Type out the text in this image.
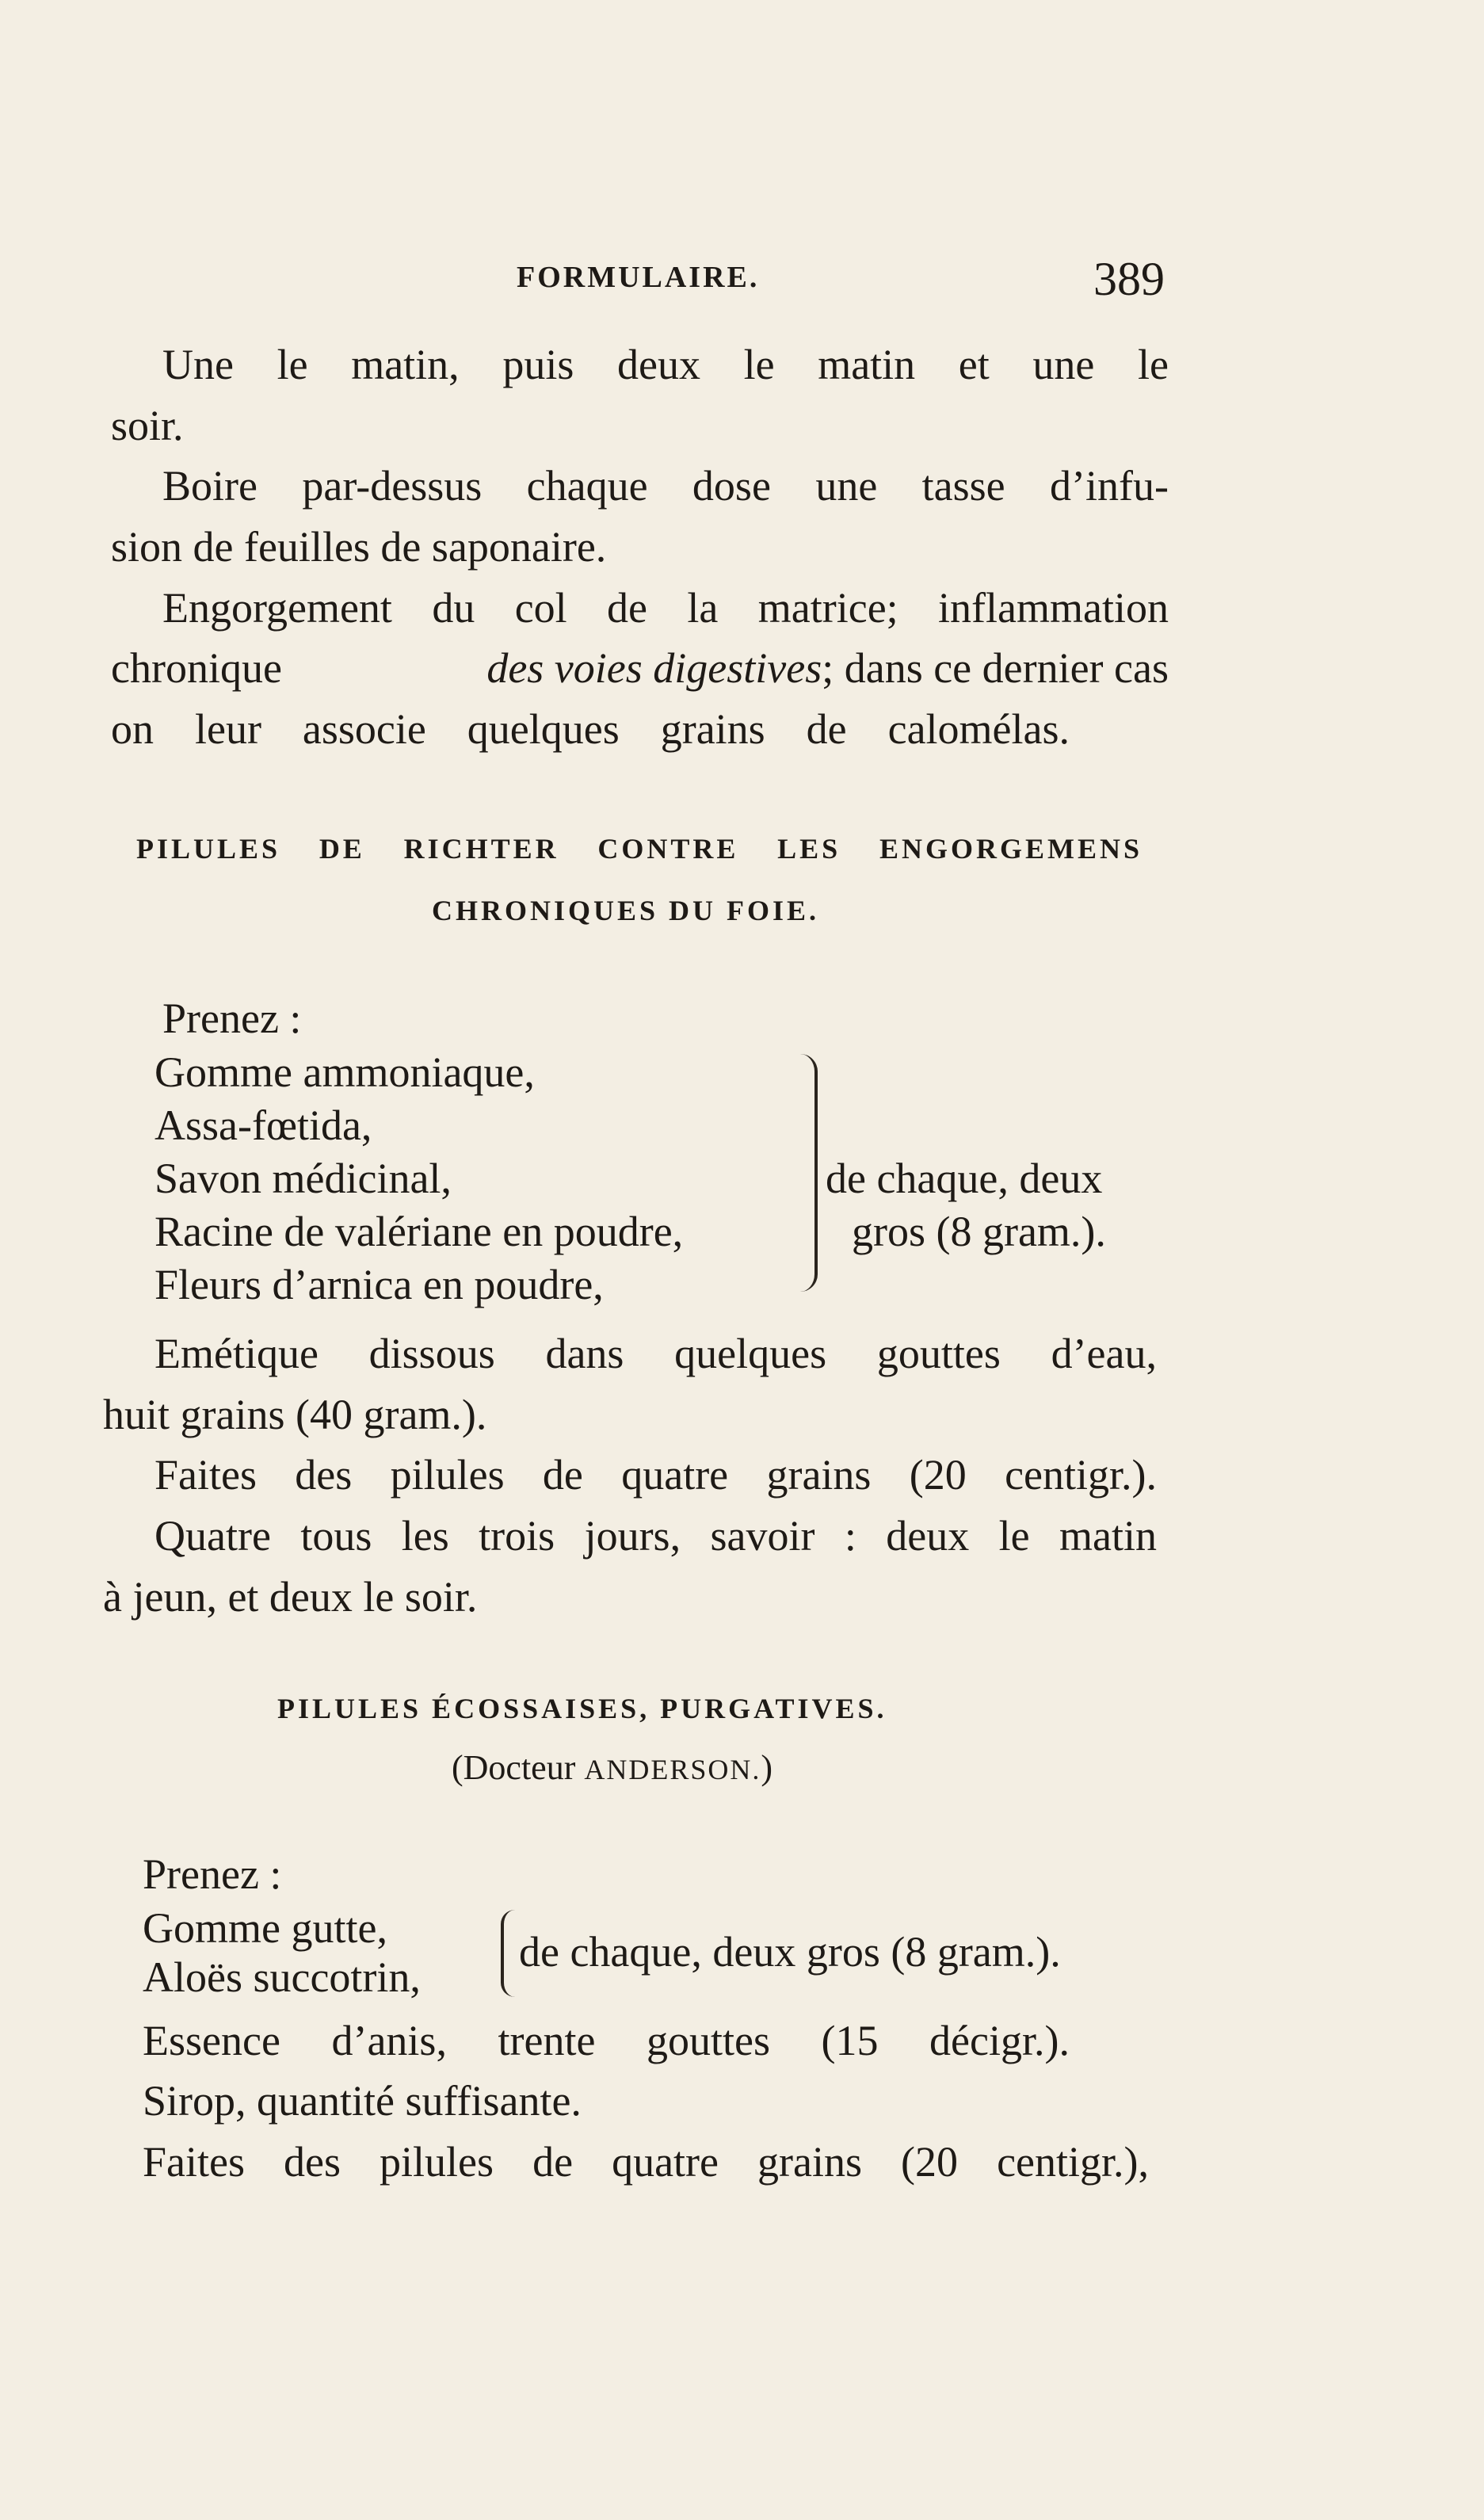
FORMULAIRE.	389
Une le matin, puis deux le matin et une le
soir.
Boire par-dessus chaque dose une tasse d’infu-
sion de feuilles de saponaire.
Engorgement du col de la matrice; inflammation
chronique	des voies digestives; dans ce dernier cas
on leur associe quelques grains de calomélas.
PILULES DE RICHTER CONTRE LES ENGORGEMENS
CHRONIQUES DU FOIE.
Prenez :
Gomme ammoniaque,
Assa-fœtida,
Savon médicinal,
Racine de valériane en poudre,
Fleurs d’arnica en poudre,
de chaque, deux
gros (8 gram.).
Emétique dissous dans quelques gouttes d’eau,
huit grains (40 gram.).
Faites des pilules de quatre grains (20 centigr.).
Quatre tous les trois jours, savoir : deux le matin
à jeun, et deux le soir.
PILULES ÉCOSSAISES, PURGATIVES.
(Docteur ANDERSON.)
Prenez :
Gomme gutte,
Aloës succotrin,
de chaque, deux gros (8 gram.).
Essence d’anis, trente gouttes (15 décigr.).
Sirop, quantité suffisante.
Faites des pilules de quatre grains (20 centigr.),
